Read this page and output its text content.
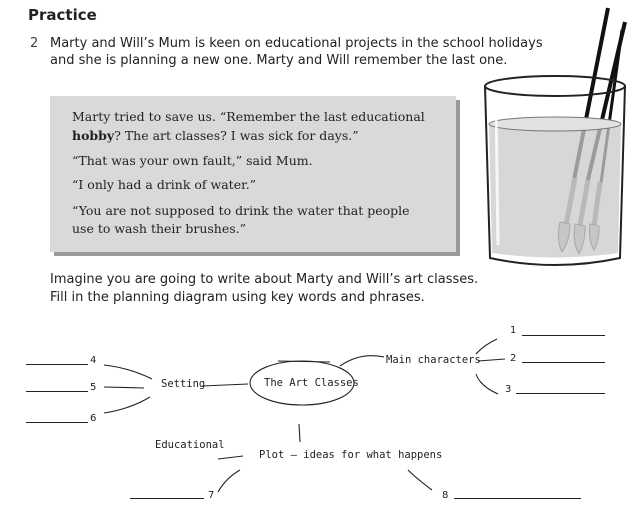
Practice
2 Marty and Will’s Mum is keen on educational projects in the school holidays
and she is planning a new one. Marty and Will remember the last one.
Marty tried to save us. “Remember the last educational
hobby? The art classes? I was sick for days.”
“That was your own fault,” said Mum.
“I only had a drink of water.”
“You are not supposed to drink the water that people
use to wash their brushes.”
Imagine you are going to write about Marty and Will’s art classes.
Fill in the planning diagram using key words and phrases.
The Art Classes
Setting
Main characters
Plot – ideas for what happens
Educational
1
2
3
4
5
6
7	8
